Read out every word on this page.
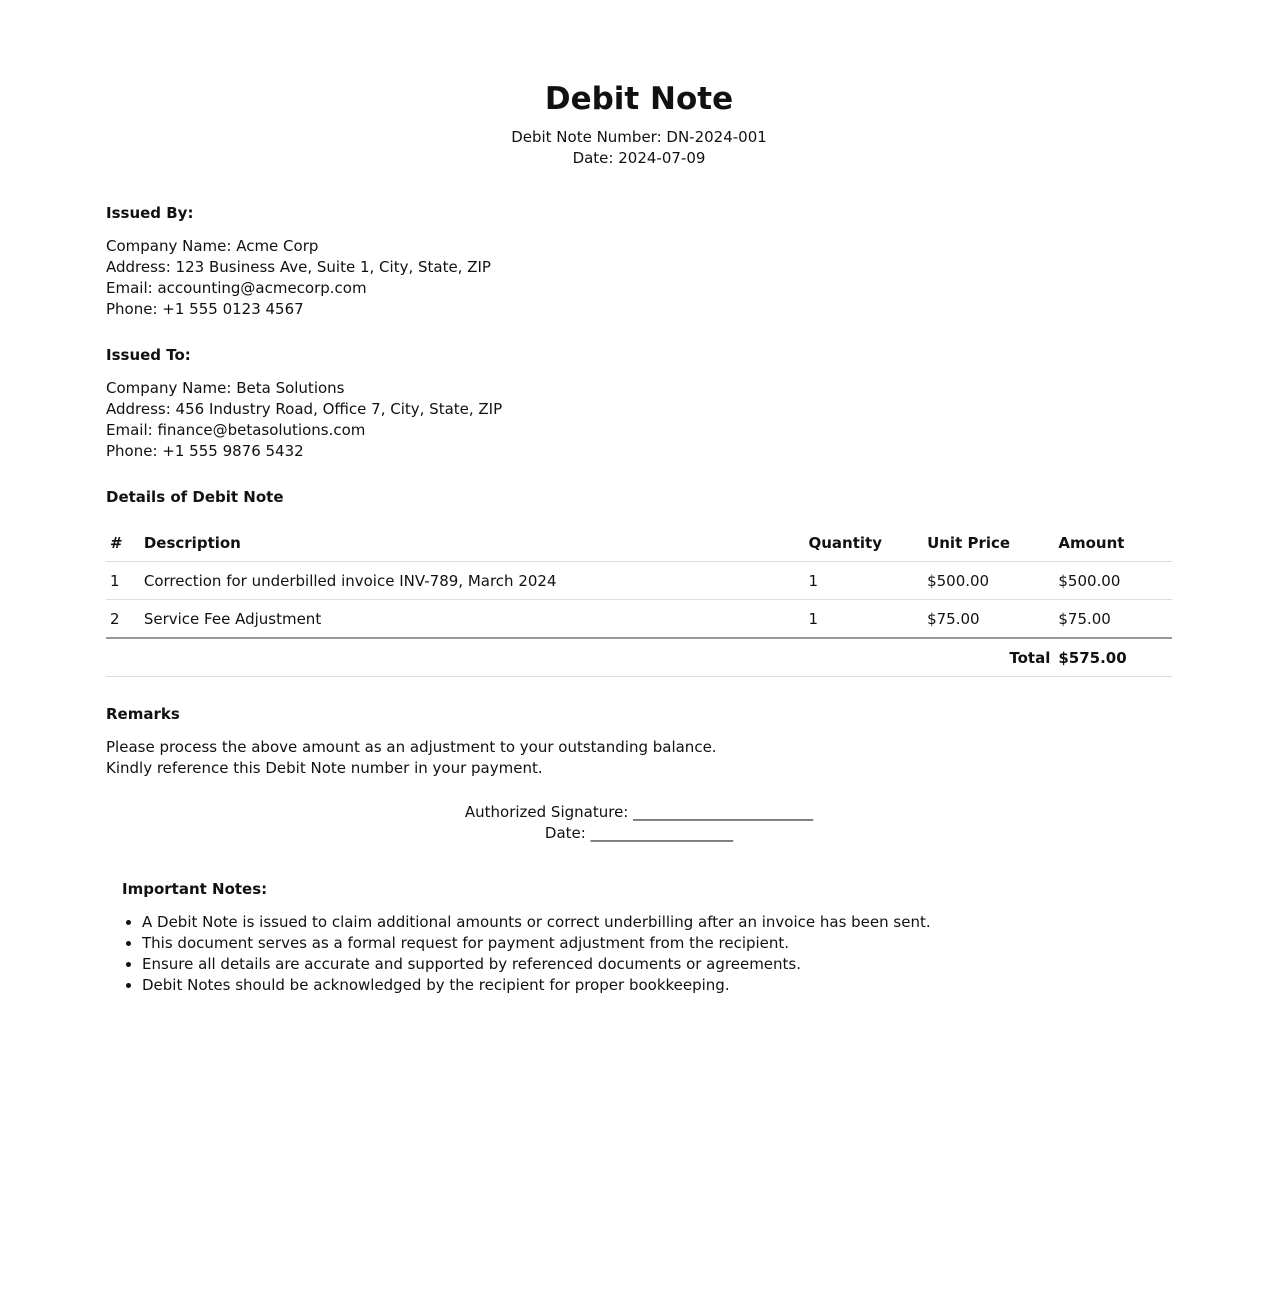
Debit Note
Debit Note Number: DN-2024-001
Date: 2024-07-09
Issued By:
Company Name: Acme Corp
Address: 123 Business Ave, Suite 1, City, State, ZIP
Email: accounting@acmecorp.com
Phone: +1 555 0123 4567
Issued To:
Company Name: Beta Solutions
Address: 456 Industry Road, Office 7, City, State, ZIP
Email: finance@betasolutions.com
Phone: +1 555 9876 5432
Details of Debit Note
#	Description	Quantity	Unit Price	Amount	
1	Correction for underbilled invoice INV-789, March 2024	1	$500.00	$500.00	
2	Service Fee Adjustment	1	$75.00	$75.00	
Total				$575.00	
Remarks
Please process the above amount as an adjustment to your outstanding balance.
Kindly reference this Debit Note number in your payment.
Authorized Signature: ________________________
Date: ___________________
Important Notes:
• A Debit Note is issued to claim additional amounts or correct underbilling after an invoice has been sent.
• This document serves as a formal request for payment adjustment from the recipient.
• Ensure all details are accurate and supported by referenced documents or agreements.
• Debit Notes should be acknowledged by the recipient for proper bookkeeping.
